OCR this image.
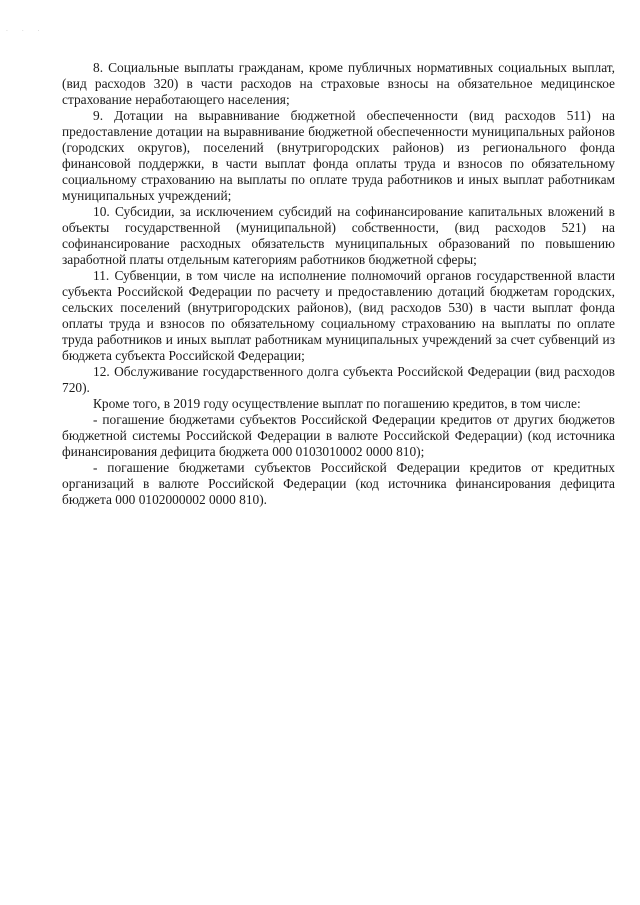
· · ·

8. Социальные выплаты гражданам, кроме публичных нормативных социальных выплат, (вид расходов 320) в части расходов на страховые взносы на обязательное медицинское страхование неработающего населения;

9. Дотации на выравнивание бюджетной обеспеченности (вид расходов 511) на предоставление дотации на выравнивание бюджетной обеспеченности муниципальных районов (городских округов), поселений (внутригородских районов) из регионального фонда финансовой поддержки, в части выплат фонда оплаты труда и взносов по обязательному социальному страхованию на выплаты по оплате труда работников и иных выплат работникам муниципальных учреждений;

10. Субсидии, за исключением субсидий на софинансирование капитальных вложений в объекты государственной (муниципальной) собственности, (вид расходов 521) на софинансирование расходных обязательств муниципальных образований по повышению заработной платы отдельным категориям работников бюджетной сферы;

11. Субвенции, в том числе на исполнение полномочий органов государственной власти субъекта Российской Федерации по расчету и предоставлению дотаций бюджетам городских, сельских поселений (внутригородских районов), (вид расходов 530) в части выплат фонда оплаты труда и взносов по обязательному социальному страхованию на выплаты по оплате труда работников и иных выплат работникам муниципальных учреждений за счет субвенций из бюджета субъекта Российской Федерации;

12. Обслуживание государственного долга субъекта Российской Федерации (вид расходов 720).

Кроме того, в 2019 году осуществление выплат по погашению кредитов, в том числе:

- погашение бюджетами субъектов Российской Федерации кредитов от других бюджетов бюджетной системы Российской Федерации в валюте Российской Федерации) (код источника финансирования дефицита бюджета 000 0103010002 0000 810);

- погашение бюджетами субъектов Российской Федерации кредитов от кредитных организаций в валюте Российской Федерации (код источника финансирования дефицита бюджета 000 0102000002 0000 810).
